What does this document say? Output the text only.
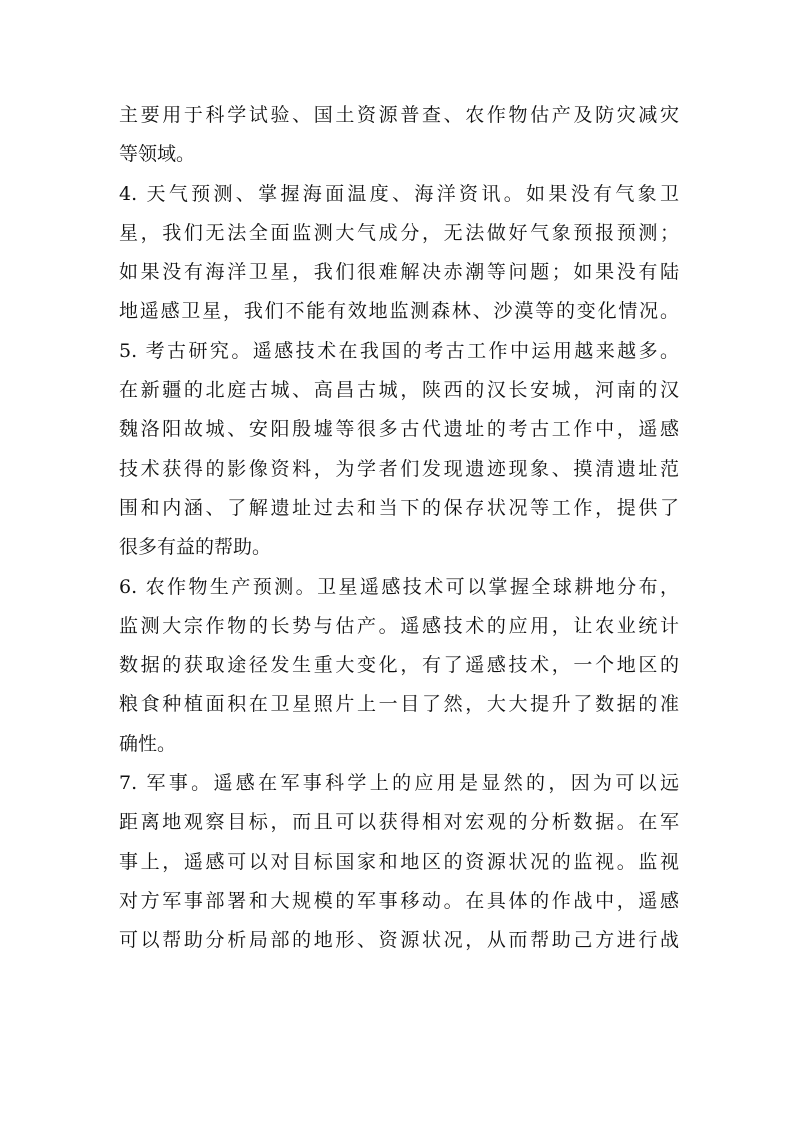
主要用于科学试验、国土资源普查、农作物估产及防灾减灾
等领域。
4. 天气预测、掌握海面温度、海洋资讯。如果没有气象卫
星，我们无法全面监测大气成分，无法做好气象预报预测；
如果没有海洋卫星，我们很难解决赤潮等问题；如果没有陆
地遥感卫星，我们不能有效地监测森林、沙漠等的变化情况。
5. 考古研究。遥感技术在我国的考古工作中运用越来越多。
在新疆的北庭古城、高昌古城，陕西的汉长安城，河南的汉
魏洛阳故城、安阳殷墟等很多古代遗址的考古工作中，遥感
技术获得的影像资料，为学者们发现遗迹现象、摸清遗址范
围和内涵、了解遗址过去和当下的保存状况等工作，提供了
很多有益的帮助。
6. 农作物生产预测。卫星遥感技术可以掌握全球耕地分布，
监测大宗作物的长势与估产。遥感技术的应用，让农业统计
数据的获取途径发生重大变化，有了遥感技术，一个地区的
粮食种植面积在卫星照片上一目了然，大大提升了数据的准
确性。
7. 军事。遥感在军事科学上的应用是显然的，因为可以远
距离地观察目标，而且可以获得相对宏观的分析数据。在军
事上，遥感可以对目标国家和地区的资源状况的监视。监视
对方军事部署和大规模的军事移动。在具体的作战中，遥感
可以帮助分析局部的地形、资源状况，从而帮助己方进行战
